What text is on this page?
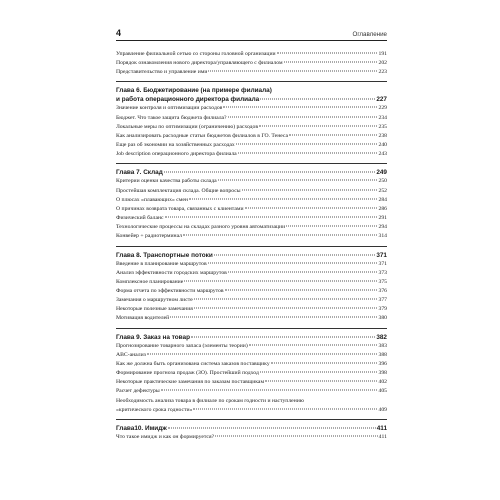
4	Оглавление
Управление филиальной сетью со стороны головной организации	191
Порядок ознакомления нового директора/управляющего с филиалом	202
Представительство и управление ими	223
Глава 6. Бюджетирование (на примере филиала)
и работа операционного директора филиала	227
Значение контроля и оптимизации расходов	229
Бюджет. Что такое защита бюджета филиала?	234
Локальные меры по оптимизации (ограничению) расходов	235
Как анализировать расходные статьи бюджетов филиалов в ГО. Тенеса	238
Еще раз об экономии на хозяйственных расходах	240
Job description операционного директора филиала	243
Глава 7. Склад	249
Критерии оценки качества работы склада	250
Простейшая комплектация склада. Общие вопросы	252
О плюсах «плавающих» смен	284
О причинах возврата товара, связанных с клиентами	286
Физический баланс	291
Технологические процессы на складах разного уровня автоматизации	294
Конвейер + радиотерминал	314
Глава 8. Транспортные потоки	371
Введение в планирование маршрутов	371
Анализ эффективности городских маршрутов	373
Комплексное планирование	375
Форма отчета по эффективности маршрутов	376
Замечания о маршрутном листе	377
Некоторые полезные замечания	379
Мотивация водителей	380
Глава 9. Заказ на товар	382
Прогнозирование товарного запаса (элементы теории)	383
АВС-анализ	388
Как же должна быть организована система заказов поставщику	396
Формирование прогноза продаж (ЗО). Простейший подход	398
Некоторые практические замечания по заказам поставщикам	402
Расчет дефектуры	405
Необходимость анализа товара в филиале по срокам годности и наступлению
«критического срока годности»	409
Глава10. Имидж	411
Что такое имидж и как он формируется?	411
